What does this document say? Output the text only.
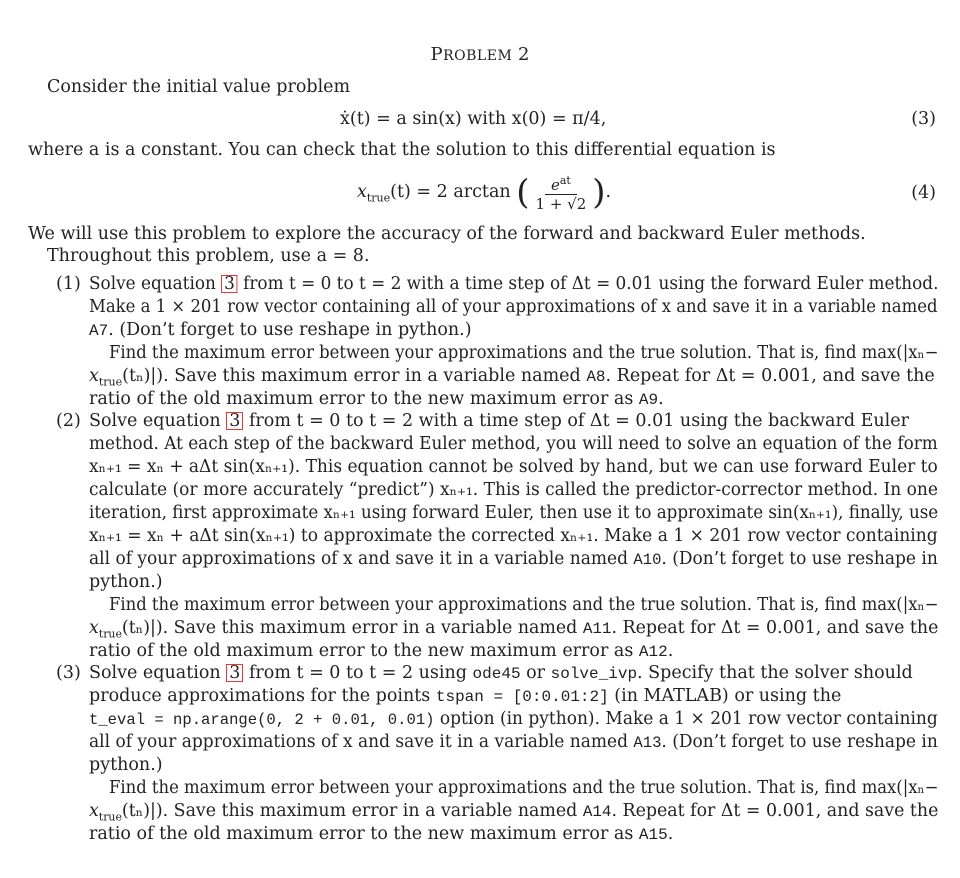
PROBLEM 2
Consider the initial value problem
ẋ(t) = a sin(x) with x(0) = π/4,	(3)
where a is a constant. You can check that the solution to this differential equation is
$x_{true}(t) = 2$ arctan ( $\frac{e^{at}}{1 + √2}$ ).	(4)
We will use this problem to explore the accuracy of the forward and backward Euler methods.
Throughout this problem, use a = 8.
(1) Solve equation 3 from t = 0 to t = 2 with a time step of Δt = 0.01 using the forward Euler method.
Make a 1 × 201 row vector containing all of your approximations of x and save it in a variable named
A7. (Don’t forget to use reshape in python.)
Find the maximum error between your approximations and the true solution. That is, find max(|xₙ−
$x_{true}(t_n)|$). Save this maximum error in a variable named A8. Repeat for Δt = 0.001, and save the
ratio of the old maximum error to the new maximum error as A9.
(2) Solve equation 3 from t = 0 to t = 2 with a time step of Δt = 0.01 using the backward Euler
method. At each step of the backward Euler method, you will need to solve an equation of the form
xₙ₊₁ = xₙ + aΔt sin(xₙ₊₁). This equation cannot be solved by hand, but we can use forward Euler to
calculate (or more accurately “predict”) xₙ₊₁. This is called the predictor-corrector method. In one
iteration, first approximate xₙ₊₁ using forward Euler, then use it to approximate sin(xₙ₊₁), finally, use
xₙ₊₁ = xₙ + aΔt sin(xₙ₊₁) to approximate the corrected xₙ₊₁. Make a 1 × 201 row vector containing
all of your approximations of x and save it in a variable named A10. (Don’t forget to use reshape in
python.)
Find the maximum error between your approximations and the true solution. That is, find max(|xₙ−
$x_{true}(t_n)|$). Save this maximum error in a variable named A11. Repeat for Δt = 0.001, and save the
ratio of the old maximum error to the new maximum error as A12.
(3) Solve equation 3 from t = 0 to t = 2 using ode45 or solve_ivp. Specify that the solver should
produce approximations for the points tspan = [0:0.01:2] (in MATLAB) or using the
t_eval = np.arange(0, 2 + 0.01, 0.01) option (in python). Make a 1 × 201 row vector containing
all of your approximations of x and save it in a variable named A13. (Don’t forget to use reshape in
python.)
Find the maximum error between your approximations and the true solution. That is, find max(|xₙ−
$x_{true}(t_n)|$). Save this maximum error in a variable named A14. Repeat for Δt = 0.001, and save the
ratio of the old maximum error to the new maximum error as A15.
